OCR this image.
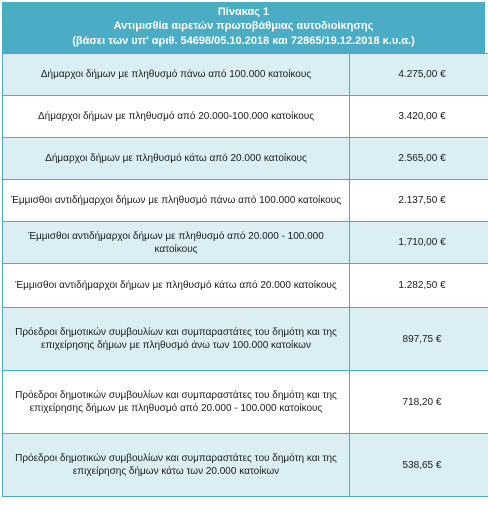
Πίνακας 1
Αντιμισθία αιρετών πρωτοβάθμιας αυτοδιοίκησης
(βάσει των υπ' αριθ. 54698/05.10.2018 και 72865/19.12.2018 κ.υ.α.)
Δήμαρχοι δήμων με πληθυσμό πάνω από 100.000 κατοίκους	4.275,00 €
Δήμαρχοι δήμων με πληθυσμό από 20.000-100.000 κατοίκους	3.420,00 €
Δήμαρχοι δήμων με πληθυσμό κάτω από 20.000 κατοίκους	2.565,00 €
Έμμισθοι αντιδήμαρχοι δήμων με πληθυσμό πάνω από 100.000 κατοίκους	2.137,50 €
Έμμισθοι αντιδήμαρχοι δήμων με πληθυσμό από 20.000 - 100.000 κατοίκους	1.710,00 €
Έμμισθοι αντιδήμαρχοι δήμων με πληθυσμό κάτω από 20.000 κατοίκους	1.282,50 €
Πρόεδροι δημοτικών συμβουλίων και συμπαραστάτες του δημότη και της επιχείρησης δήμων με πληθυσμό άνω των 100.000 κατοίκων	897,75 €
Πρόεδροι δημοτικών συμβουλίων και συμπαραστάτες του δημότη και της επιχείρησης δήμων με πληθυσμό από 20.000 - 100.000 κατοίκους	718,20 €
Πρόεδροι δημοτικών συμβουλίων και συμπαραστάτες του δημότη και της επιχείρησης δήμων κάτω των 20.000 κατοίκων	538,65 €
